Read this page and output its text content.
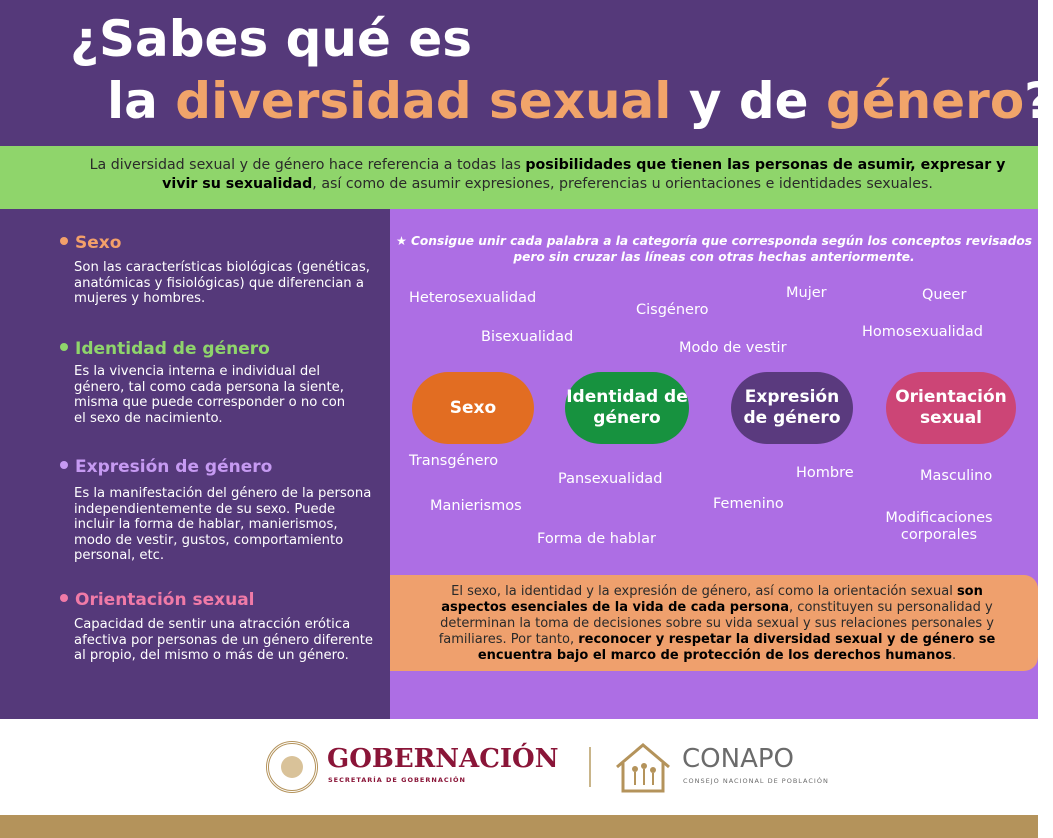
¿Sabes qué es
la diversidad sexual y de género?

La diversidad sexual y de género hace referencia a todas las posibilidades que tienen las personas de asumir, expresar y vivir su sexualidad, así como de asumir expresiones, preferencias u orientaciones e identidades sexuales.

Sexo
Son las características biológicas (genéticas, anatómicas y fisiológicas) que diferencian a mujeres y hombres.
Identidad de género
Es la vivencia interna e individual del género, tal como cada persona la siente, misma que puede corresponder o no con el sexo de nacimiento.
Expresión de género
Es la manifestación del género de la persona independientemente de su sexo. Puede incluir la forma de hablar, manierismos, modo de vestir, gustos, comportamiento personal, etc.
Orientación sexual
Capacidad de sentir una atracción erótica afectiva por personas de un género diferente al propio, del mismo o más de un género.
★ Consigue unir cada palabra a la categoría que corresponda según los conceptos revisados
pero sin cruzar las líneas con otras hechas anteriormente.
Heterosexualidad
Cisgénero
Mujer	Queer
Bisexualidad
Modo de vestir
Homosexualidad
Sexo
Identidad de género
Expresión de género
Orientación sexual
Transgénero
Pansexualidad	Hombre	Masculino
Manierismos	Femenino
Modificaciones corporales
Forma de hablar

El sexo, la identidad y la expresión de género, así como la orientación sexual son aspectos esenciales de la vida de cada persona, constituyen su personalidad y determinan la toma de decisiones sobre su vida sexual y sus relaciones personales y familiares. Por tanto, reconocer y respetar la diversidad sexual y de género se encuentra bajo el marco de protección de los derechos humanos.

GOBERNACIÓN
SECRETARÍA DE GOBERNACIÓN
CONAPO
CONSEJO NACIONAL DE POBLACIÓN
